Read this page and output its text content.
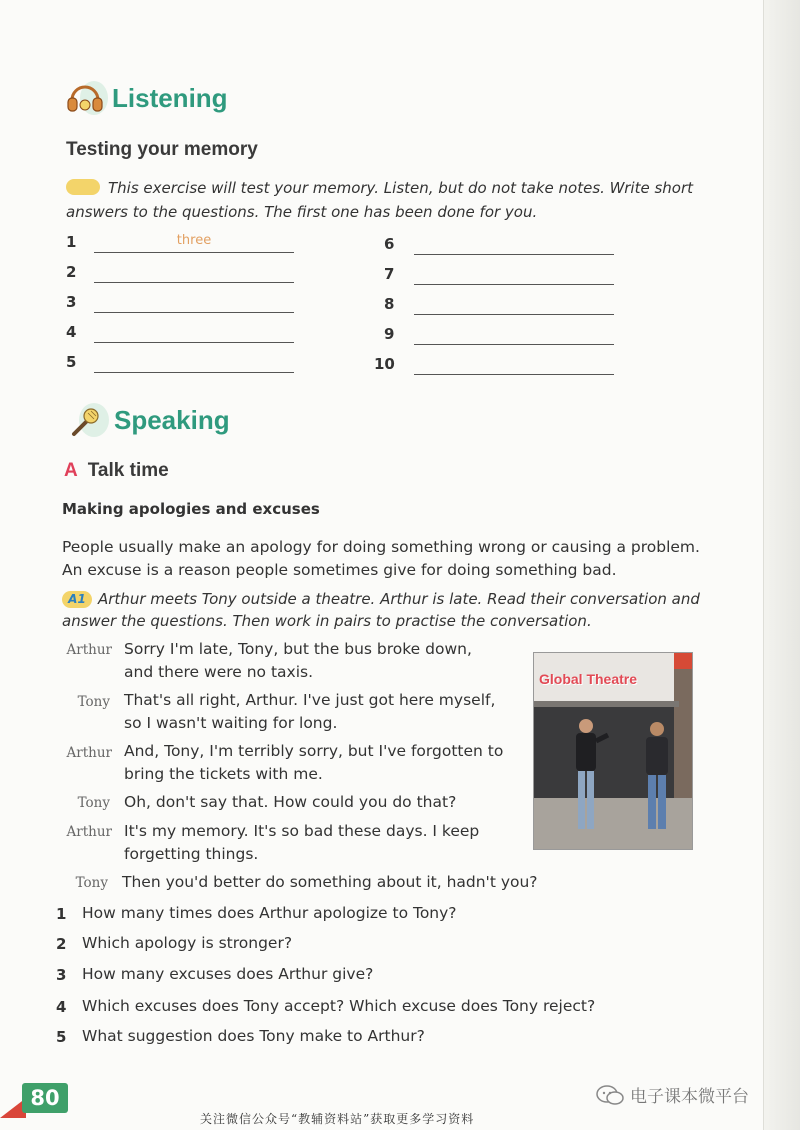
Listening
Testing your memory
This exercise will test your memory. Listen, but do not take notes. Write short answers to the questions. The first one has been done for you.
1	three
2
3
4
5
6
7
8
9
10
Speaking
A Talk time
Making apologies and excuses
People usually make an apology for doing something wrong or causing a problem.
An excuse is a reason people sometimes give for doing something bad.
A1 Arthur meets Tony outside a theatre. Arthur is late. Read their conversation and
answer the questions. Then work in pairs to practise the conversation.
Arthur Sorry I'm late, Tony, but the bus broke down,
and there were no taxis.
Tony That's all right, Arthur. I've just got here myself,
so I wasn't waiting for long.
Arthur And, Tony, I'm terribly sorry, but I've forgotten to
bring the tickets with me.
Tony Oh, don't say that. How could you do that?
Arthur It's my memory. It's so bad these days. I keep
forgetting things.
Tony Then you'd better do something about it, hadn't you?
Global Theatre
1 How many times does Arthur apologize to Tony?
2 Which apology is stronger?
3 How many excuses does Arthur give?
4 Which excuses does Tony accept? Which excuse does Tony reject?
5 What suggestion does Tony make to Arthur?
80	电子课本微平台
关注微信公众号“教辅资料站”获取更多学习资料
